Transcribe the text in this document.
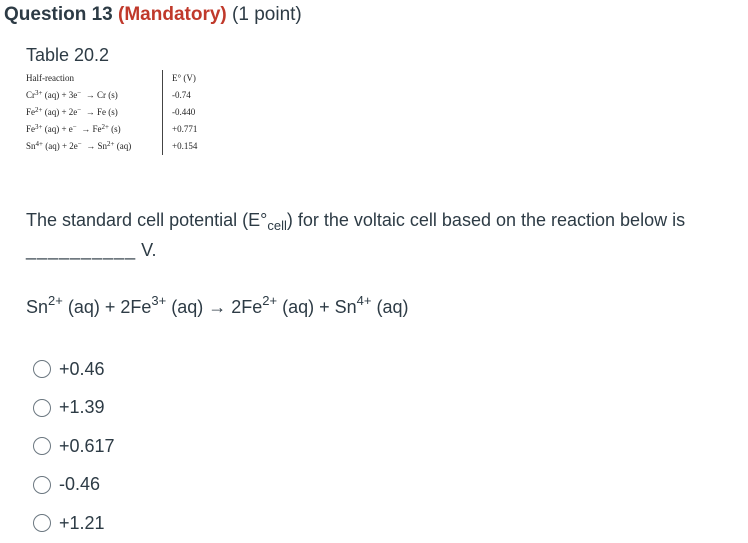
Question 13 (Mandatory) (1 point)
Table 20.2
Half-reaction	E° (V)
$Cr^{3+}$ (aq) + 3e− → Cr (s)	-0.74
$Fe^{2+}$ (aq) + 2e− → Fe (s)	-0.440
$Fe^{3+}$ $(aq) + e^- \to Fe^{2+}$ (s)	+0.771
$Sn^{4+}$ $(aq) + 2e^- \to Sn^{2+}$ (aq)	+0.154
The standard cell potential $(E^\circ_{cell})$ for the voltaic cell based on the reaction below is
__________ V.
$Sn^{2+}$ $(aq) + 2Fe^{3+}$ $(aq) \to 2Fe^{2+}$ $(aq) + Sn^{4+}$ (aq)
+0.46
+1.39
+0.617
-0.46
+1.21
